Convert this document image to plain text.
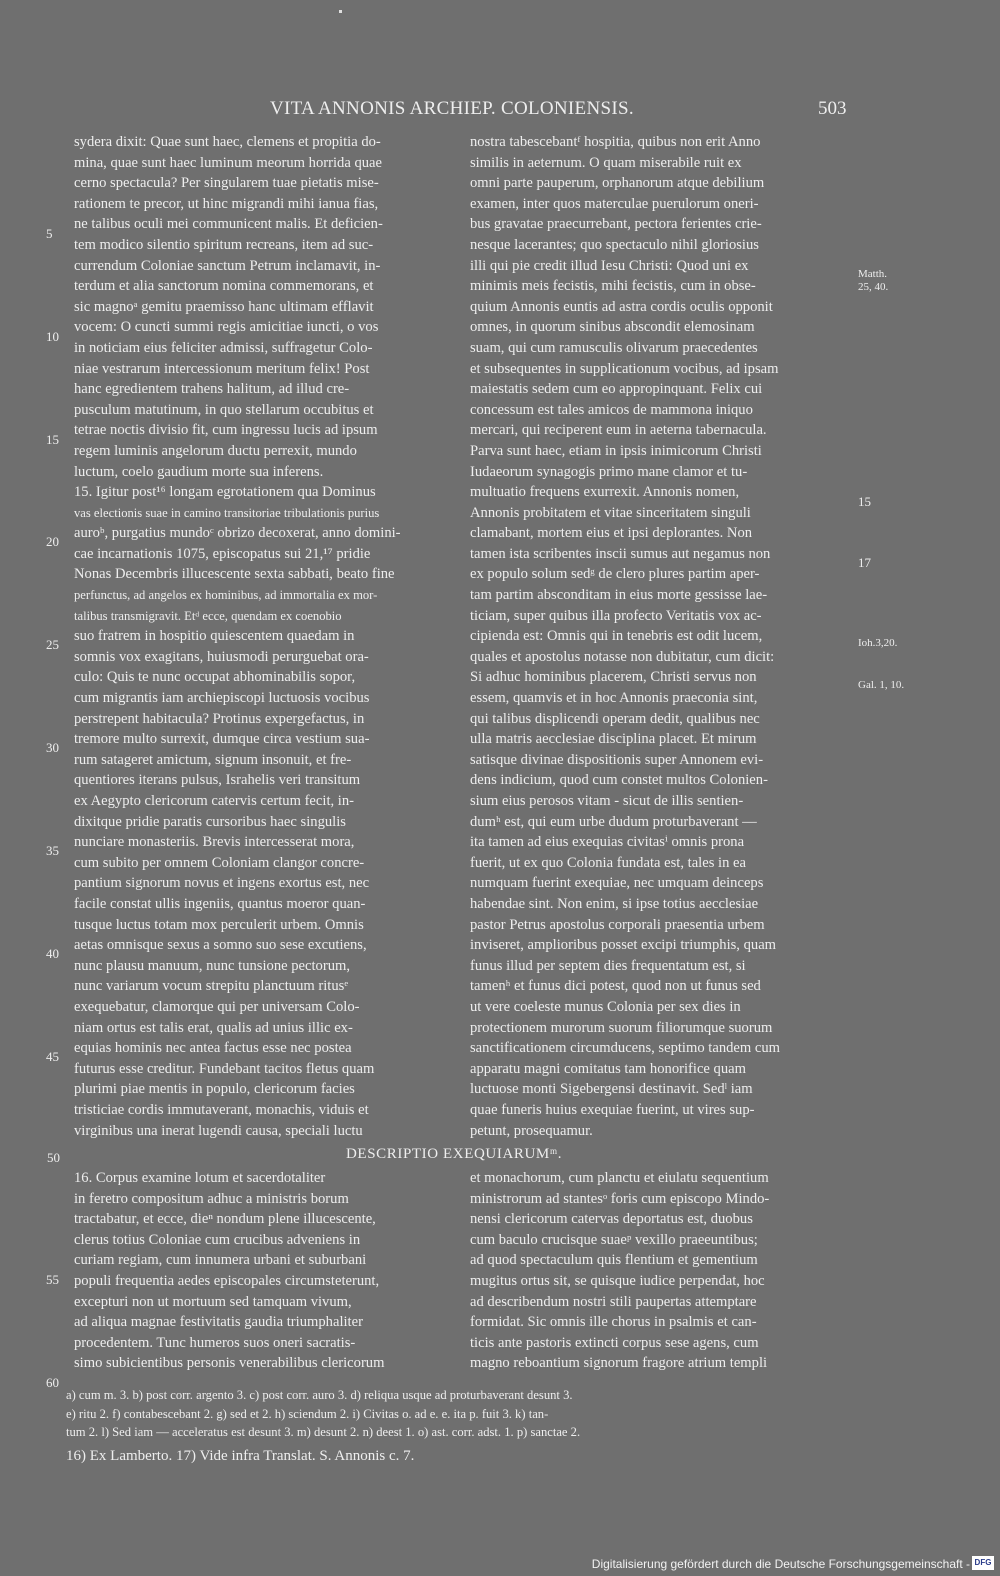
VITA ANNONIS ARCHIEP. COLONIENSIS.	503
sydera dixit: Quae sunt haec, clemens et propitia do-
mina, quae sunt haec luminum meorum horrida quae
cerno spectacula? Per singularem tuae pietatis mise-
rationem te precor, ut hinc migrandi mihi ianua fias,
ne talibus oculi mei communicent malis. Et deficien-
tem modico silentio spiritum recreans, item ad suc-
currendum Coloniae sanctum Petrum inclamavit, in-
terdum et alia sanctorum nomina commemorans, et
sic magnoᵃ gemitu praemisso hanc ultimam efflavit
vocem: O cuncti summi regis amicitiae iuncti, o vos
in noticiam eius feliciter admissi, suffragetur Colo-
niae vestrarum intercessionum meritum felix! Post
hanc egredientem trahens halitum, ad illud cre-
pusculum matutinum, in quo stellarum occubitus et
tetrae noctis divisio fit, cum ingressu lucis ad ipsum
regem luminis angelorum ductu perrexit, mundo
luctum, coelo gaudium morte sua inferens.
15. Igitur post¹⁶ longam egrotationem qua Dominus
vas electionis suae in camino transitoriae tribulationis purius
auroᵇ, purgatius mundoᶜ obrizo decoxerat, anno domini-
cae incarnationis 1075, episcopatus sui 21,¹⁷ pridie
Nonas Decembris illucescente sexta sabbati, beato fine
perfunctus, ad angelos ex hominibus, ad immortalia ex mor-
talibus transmigravit. Etᵈ ecce, quendam ex coenobio
suo fratrem in hospitio quiescentem quaedam in
somnis vox exagitans, huiusmodi perurguebat ora-
culo: Quis te nunc occupat abhominabilis sopor,
cum migrantis iam archiepiscopi luctuosis vocibus
perstrepent habitacula? Protinus expergefactus, in
tremore multo surrexit, dumque circa vestium sua-
rum satageret amictum, signum insonuit, et fre-
quentiores iterans pulsus, Israhelis veri transitum
ex Aegypto clericorum catervis certum fecit, in-
dixitque pridie paratis cursoribus haec singulis
nunciare monasteriis. Brevis intercesserat mora,
cum subito per omnem Coloniam clangor concre-
pantium signorum novus et ingens exortus est, nec
facile constat ullis ingeniis, quantus moeror quan-
tusque luctus totam mox perculerit urbem. Omnis
aetas omnisque sexus a somno suo sese excutiens,
nunc plausu manuum, nunc tunsione pectorum,
nunc variarum vocum strepitu planctuum ritusᵉ
exequebatur, clamorque qui per universam Colo-
niam ortus est talis erat, qualis ad unius illic ex-
equias hominis nec antea factus esse nec postea
futurus esse creditur. Fundebant tacitos fletus quam
plurimi piae mentis in populo, clericorum facies
tristiciae cordis immutaverant, monachis, viduis et
virginibus una inerat lugendi causa, speciali luctu
nostra tabescebantᶠ hospitia, quibus non erit Anno
similis in aeternum. O quam miserabile ruit ex
omni parte pauperum, orphanorum atque debilium
examen, inter quos materculae puerulorum oneri-
bus gravatae praecurrebant, pectora ferientes crie-
nesque lacerantes; quo spectaculo nihil gloriosius
illi qui pie credit illud Iesu Christi: Quod uni ex
minimis meis fecistis, mihi fecistis, cum in obse-
quium Annonis euntis ad astra cordis oculis opponit
omnes, in quorum sinibus abscondit elemosinam
suam, qui cum ramusculis olivarum praecedentes
et subsequentes in supplicationum vocibus, ad ipsam
maiestatis sedem cum eo appropinquant. Felix cui
concessum est tales amicos de mammona iniquo
mercari, qui reciperent eum in aeterna tabernacula.
Parva sunt haec, etiam in ipsis inimicorum Christi
Iudaeorum synagogis primo mane clamor et tu-
multuatio frequens exurrexit. Annonis nomen,
Annonis probitatem et vitae sinceritatem singuli
clamabant, mortem eius et ipsi deplorantes. Non
tamen ista scribentes inscii sumus aut negamus non
ex populo solum sedᵍ de clero plures partim aper-
tam partim absconditam in eius morte gessisse lae-
ticiam, super quibus illa profecto Veritatis vox ac-
cipienda est: Omnis qui in tenebris est odit lucem,
quales et apostolus notasse non dubitatur, cum dicit:
Si adhuc hominibus placerem, Christi servus non
essem, quamvis et in hoc Annonis praeconia sint,
qui talibus displicendi operam dedit, qualibus nec
ulla matris aecclesiae disciplina placet. Et mirum
satisque divinae dispositionis super Annonem evi-
dens indicium, quod cum constet multos Colonien-
sium eius perosos vitam - sicut de illis sentien-
dumʰ est, qui eum urbe dudum proturbaverant —
ita tamen ad eius exequias civitasⁱ omnis prona
fuerit, ut ex quo Colonia fundata est, tales in ea
numquam fuerint exequiae, nec umquam deinceps
habendae sint. Non enim, si ipse totius aecclesiae
pastor Petrus apostolus corporali praesentia urbem
inviseret, amplioribus posset excipi triumphis, quam
funus illud per septem dies frequentatum est, si
tamenʰ et funus dici potest, quod non ut funus sed
ut vere coeleste munus Colonia per sex dies in
protectionem murorum suorum filiorumque suorum
sanctificationem circumducens, septimo tandem cum
apparatu magni comitatus tam honorifice quam
luctuose monti Sigebergensi destinavit. Sedˡ iam
quae funeris huius exequiae fuerint, ut vires sup-
petunt, prosequamur.
50	DESCRIPTIO EXEQUIARUMᵐ.
16. Corpus examine lotum et sacerdotaliter
in feretro compositum adhuc a ministris borum
tractabatur, et ecce, dieⁿ nondum plene illucescente,
clerus totius Coloniae cum crucibus adveniens in
curiam regiam, cum innumera urbani et suburbani
populi frequentia aedes episcopales circumsteterunt,
excepturi non ut mortuum sed tamquam vivum,
ad aliqua magnae festivitatis gaudia triumphaliter
procedentem. Tunc humeros suos oneri sacratis-
simo subicientibus personis venerabilibus clericorum
et monachorum, cum planctu et eiulatu sequentium
ministrorum ad stantesᵒ foris cum episcopo Mindo-
nensi clericorum catervas deportatus est, duobus
cum baculo crucisque suaeᵖ vexillo praeeuntibus;
ad quod spectaculum quis flentium et gementium
mugitus ortus sit, se quisque iudice perpendat, hoc
ad describendum nostri stili paupertas attemptare
formidat. Sic omnis ille chorus in psalmis et can-
ticis ante pastoris extincti corpus sese agens, cum
magno reboantium signorum fragore atrium templi
5
10
15
20
25
30
35
40
45
55
60
15
17
Matth.
25, 40.
Ioh.3,20.
Gal. 1, 10.
a) cum m. 3. b) post corr. argento 3. c) post corr. auro 3. d) reliqua usque ad proturbaverant desunt 3.
e) ritu 2. f) contabescebant 2. g) sed et 2. h) sciendum 2. i) Civitas o. ad e. e. ita p. fuit 3. k) tan-
tum 2. l) Sed iam — acceleratus est desunt 3. m) desunt 2. n) deest 1. o) ast. corr. adst. 1. p) sanctae 2.
16) Ex Lamberto. 17) Vide infra Translat. S. Annonis c. 7.
Digitalisierung gefördert durch die Deutsche Forschungsgemeinschaft - DFG
